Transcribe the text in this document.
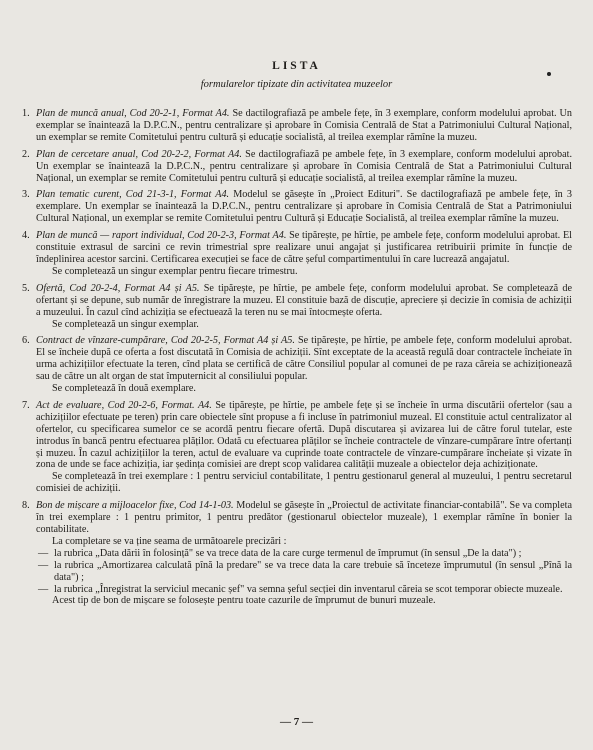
LISTA
formularelor tipizate din activitatea muzeelor
1. Plan de muncă anual, Cod 20-2-1, Format A4. Se dactilografiază pe ambele fețe, în 3 exemplare, conform modelului aprobat. Un exemplar se înaintează la D.P.C.N., pentru centralizare și aprobare în Comisia Centrală de Stat a Patrimoniului Cultural Național, un exemplar se remite Comitetului pentru cultură și educație socialistă, al treilea exemplar rămîne la muzeu.
2. Plan de cercetare anual, Cod 20-2-2, Format A4. Se dactilografiază pe ambele fețe, în 3 exemplare, conform modelului aprobat. Un exemplar se înaintează la D.P.C.N., pentru centralizare și aprobare în Comisia Centrală de Stat a Patrimoniului Cultural Național, un exemplar se remite Comitetului pentru cultură și educație socialistă, al treilea exemplar rămîne la muzeu.
3. Plan tematic curent, Cod 21-3-1, Format A4. Modelul se găsește în „Proiect Edituri". Se dactilografiază pe ambele fețe, în 3 exemplare. Un exemplar se înaintează la D.P.C.N., pentru centralizare și aprobare în Comisia Centrală de Stat a Patrimoniului Cultural Național, un exemplar se remite Comitetului pentru Cultură și Educație Socialistă, al treilea exemplar rămîne la muzeu.
4. Plan de muncă — raport individual, Cod 20-2-3, Format A4. Se tipărește, pe hîrtie, pe ambele fețe, conform modelului aprobat. El constituie extrasul de sarcini ce revin trimestrial spre realizare unui angajat și justificarea retribuirii primite în funcție de îndeplinirea acestor sarcini. Certificarea execuției se face de către șeful compartimentului în care lucrează angajatul.
Se completează un singur exemplar pentru fiecare trimestru.
5. Ofertă, Cod 20-2-4, Format A4 și A5. Se tipărește, pe hîrtie, pe ambele fețe, conform modelului aprobat. Se completează de ofertant și se depune, sub număr de înregistrare la muzeu. El constituie bază de discuție, apreciere și decizie în comisia de achiziții a muzeului. În cazul cînd achiziția se efectuează la teren nu se mai întocmește oferta.
Se completează un singur exemplar.
6. Contract de vînzare-cumpărare, Cod 20-2-5, Format A4 și A5. Se tipărește, pe hîrtie, pe ambele fețe, conform modelului aprobat. El se încheie după ce oferta a fost discutată în Comisia de achiziții. Sînt exceptate de la această regulă doar contractele încheiate în urma achizițiilor efectuate la teren, cînd plata se certifică de către Consiliul popular al comunei de pe raza căreia se achiziționează sau de către un alt organ de stat împuternicit al consiliului popular.
Se completează în două exemplare.
7. Act de evaluare, Cod 20-2-6, Format. A4. Se tipărește, pe hîrtie, pe ambele fețe și se încheie în urma discutării ofertelor (sau a achizițiilor efectuate pe teren) prin care obiectele sînt propuse a fi incluse în patrimoniul muzeal. El constituie actul centralizator al ofertelor, cu specificarea sumelor ce se acordă pentru fiecare ofertă. După discutarea și avizarea lui de către forul tutelar, este introdus în bancă pentru efectuarea plăților. Odată cu efectuarea plăților se încheie contractele de vînzare-cumpărare între ofertanți și muzeu. În cazul achizițiilor la teren, actul de evaluare va cuprinde toate contractele de vînzare-cumpărare încheiate și vizate în zona de unde se face achiziția, iar ședința comisiei are drept scop validarea calității muzeale a obiectelor deja achiziționate.
Se completează în trei exemplare : 1 pentru serviciul contabilitate, 1 pentru gestionarul general al muzeului, 1 pentru secretarul comisiei de achiziții.
8. Bon de mișcare a mijloacelor fixe, Cod 14-1-03. Modelul se găsește în „Proiectul de activitate financiar-contabilă". Se va completa în trei exemplare : 1 pentru primitor, 1 pentru predător (gestionarul obiectelor muzeale), 1 exemplar rămîne în bonier la contabilitate.
La completare se va ține seama de următoarele precizări :
— la rubrica „Data dării în folosință" se va trece data de la care curge termenul de împrumut (în sensul „De la data") ;
— la rubrica „Amortizarea calculată pînă la predare" se va trece data la care trebuie să înceteze împrumutul (în sensul „Pînă la data") ;
— la rubrica „Înregistrat la serviciul mecanic șef" va semna șeful secției din inventarul căreia se scot temporar obiecte muzeale.
Acest tip de bon de mișcare se folosește pentru toate cazurile de împrumut de bunuri muzeale.
— 7 —
